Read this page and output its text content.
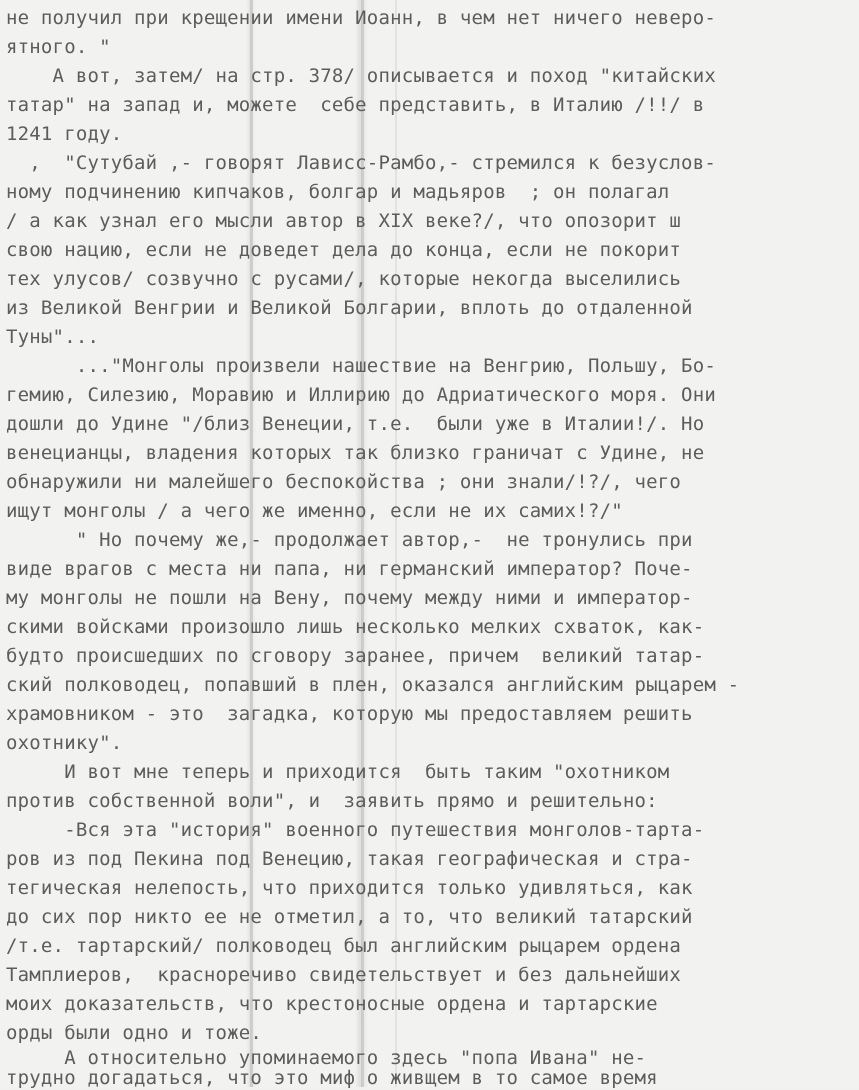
не получил при крещении имени Иоанн, в чем нет ничего неверо-
ятного. "
А вот, затем/ на стр. 378/ описывается и поход "китайских
татар" на запад и, можете  себе представить, в Италию /!!/ в
1241 году.
,  "Сутубай ,- говорят Лависс-Рамбо,- стремился к безуслов-
ному подчинению кипчаков, болгар и мадьяров  ; он полагал
/ а как узнал его мысли автор в XIX веке?/, что опозорит ш
свою нацию, если не доведет дела до конца, если не покорит
тех улусов/ созвучно с русами/, которые некогда выселились
из Великой Венгрии и Великой Болгарии, вплоть до отдаленной
Туны"...
..."Монголы произвели нашествие на Венгрию, Польшу, Бо-
гемию, Силезию, Моравию и Иллирию до Адриатического моря. Они
дошли до Удине "/близ Венеции, т.е.  были уже в Италии!/. Но
венецианцы, владения которых так близко граничат с Удине, не
обнаружили ни малейшего беспокойства ; они знали/!?/, чего
ищут монголы / а чего же именно, если не их самих!?/"
" Но почему же,- продолжает автор,-  не тронулись при
виде врагов с места ни папа, ни германский император? Поче-
му монголы не пошли на Вену, почему между ними и император-
скими войсками произошло лишь несколько мелких схваток, как-
будто происшедших по сговору заранее, причем  великий татар-
ский полководец, попавший в плен, оказался английским рыцарем -
храмовником - это  загадка, которую мы предоставляем решить
охотнику".
И вот мне теперь и приходится  быть таким "охотником
против собственной воли", и  заявить прямо и решительно:
-Вся эта "история" военного путешествия монголов-тарта-
ров из под Пекина под Венецию, такая географическая и стра-
тегическая нелепость, что приходится только удивляться, как
до сих пор никто ее не отметил, а то, что великий татарский
/т.е. тартарский/ полководец был английским рыцарем ордена
Тамплиеров,  красноречиво свидетельствует и без дальнейших
моих доказательств, что крестоносные ордена и тартарские
орды были одно и тоже.
А относительно упоминаемого здесь "попа Ивана" не-
трудно догадаться, что это миф о живщем в то самое время
